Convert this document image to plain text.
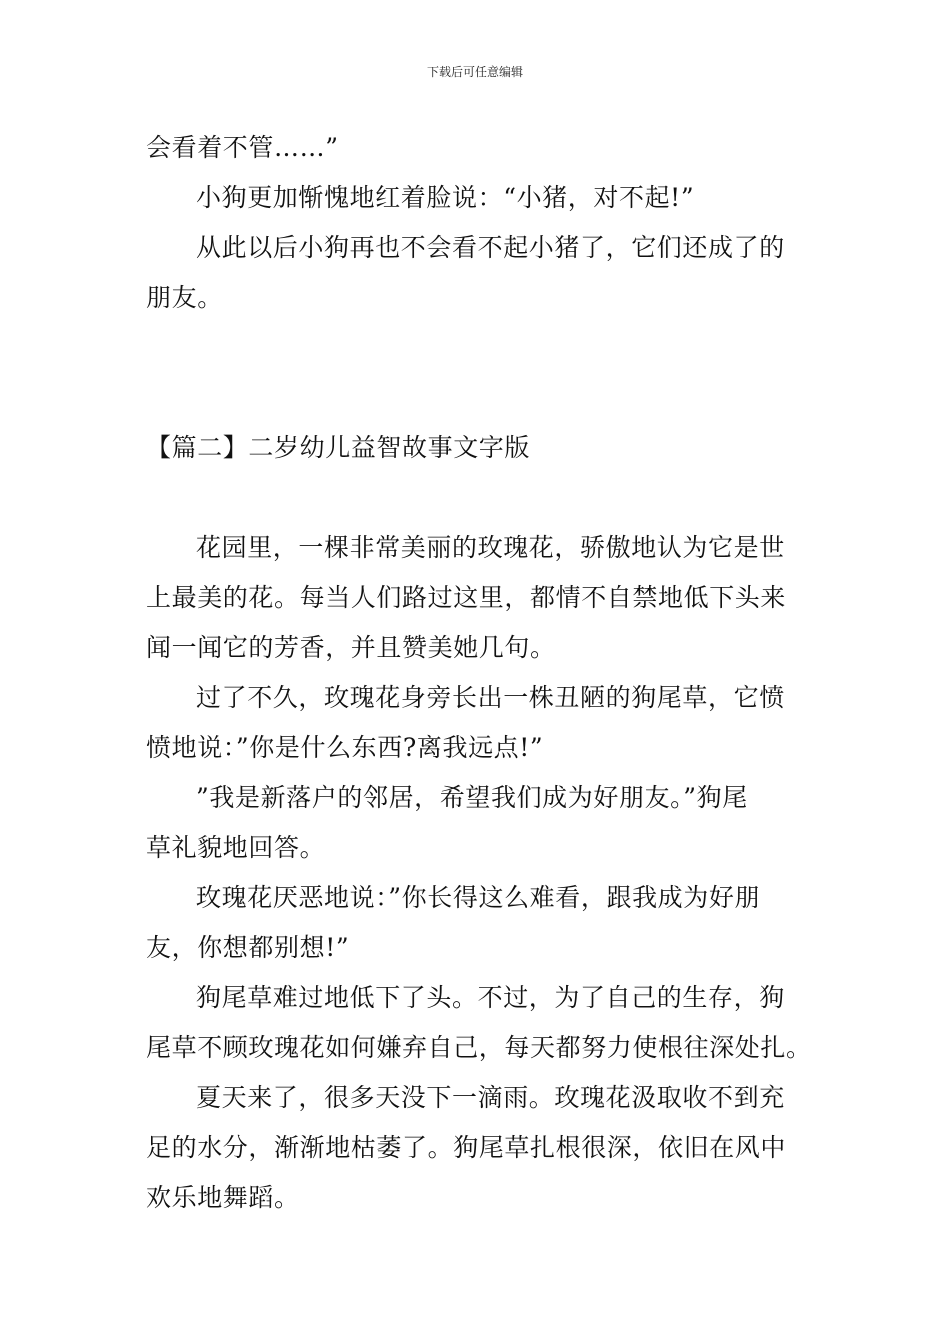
下载后可任意编辑
会看着不管……”
小狗更加惭愧地红着脸说：“小猪，对不起!”
从此以后小狗再也不会看不起小猪了，它们还成了的
朋友。
【篇二】二岁幼儿益智故事文字版
花园里，一棵非常美丽的玫瑰花，骄傲地认为它是世
上最美的花。每当人们路过这里，都情不自禁地低下头来
闻一闻它的芳香，并且赞美她几句。
过了不久，玫瑰花身旁长出一株丑陋的狗尾草，它愤
愤地说：”你是什么东西?离我远点!”
”我是新落户的邻居，希望我们成为好朋友。”狗尾
草礼貌地回答。
玫瑰花厌恶地说：”你长得这么难看，跟我成为好朋
友，你想都别想!”
狗尾草难过地低下了头。不过，为了自己的生存，狗
尾草不顾玫瑰花如何嫌弃自己，每天都努力使根往深处扎。
夏天来了，很多天没下一滴雨。玫瑰花汲取收不到充
足的水分，渐渐地枯萎了。狗尾草扎根很深，依旧在风中
欢乐地舞蹈。
